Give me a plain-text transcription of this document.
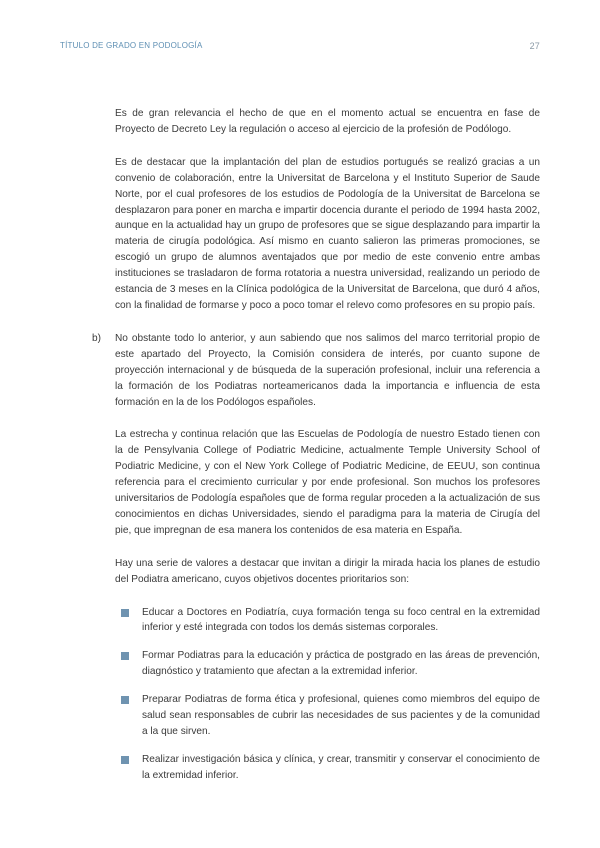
TÍTULO DE GRADO EN PODOLOGÍA	27

Es de gran relevancia el hecho de que en el momento actual se encuentra en fase de Proyecto de Decreto Ley la regulación o acceso al ejercicio de la profesión de Podólogo.

Es de destacar que la implantación del plan de estudios portugués se realizó gracias a un convenio de colaboración, entre la Universitat de Barcelona y el Instituto Superior de Saude Norte, por el cual profesores de los estudios de Podología de la Universitat de Barcelona se desplazaron para poner en marcha e impartir docencia durante el periodo de 1994 hasta 2002, aunque en la actualidad hay un grupo de profesores que se sigue desplazando para impartir la materia de cirugía podológica. Así mismo en cuanto salieron las primeras promociones, se escogió un grupo de alumnos aventajados que por medio de este convenio entre ambas instituciones se trasladaron de forma rotatoria a nuestra universidad, realizando un periodo de estancia de 3 meses en la Clínica podológica de la Universitat de Barcelona, que duró 4 años, con la finalidad de formarse y poco a poco tomar el relevo como profesores en su propio país.

b) No obstante todo lo anterior, y aun sabiendo que nos salimos del marco territorial propio de este apartado del Proyecto, la Comisión considera de interés, por cuanto supone de proyección internacional y de búsqueda de la superación profesional, incluir una referencia a la formación de los Podiatras norteamericanos dada la importancia e influencia de esta formación en la de los Podólogos españoles.

La estrecha y continua relación que las Escuelas de Podología de nuestro Estado tienen con la de Pensylvania College of Podiatric Medicine, actualmente Temple University School of Podiatric Medicine, y con el New York College of Podiatric Medicine, de EEUU, son continua referencia para el crecimiento curricular y por ende profesional. Son muchos los profesores universitarios de Podología españoles que de forma regular proceden a la actualización de sus conocimientos en dichas Universidades, siendo el paradigma para la materia de Cirugía del pie, que impregnan de esa manera los contenidos de esa materia en España.

Hay una serie de valores a destacar que invitan a dirigir la mirada hacia los planes de estudio del Podiatra americano, cuyos objetivos docentes prioritarios son:

Educar a Doctores en Podiatría, cuya formación tenga su foco central en la extremidad inferior y esté integrada con todos los demás sistemas corporales.
Formar Podiatras para la educación y práctica de postgrado en las áreas de prevención, diagnóstico y tratamiento que afectan a la extremidad inferior.
Preparar Podiatras de forma ética y profesional, quienes como miembros del equipo de salud sean responsables de cubrir las necesidades de sus pacientes y de la comunidad a la que sirven.
Realizar investigación básica y clínica, y crear, transmitir y conservar el conocimiento de la extremidad inferior.
